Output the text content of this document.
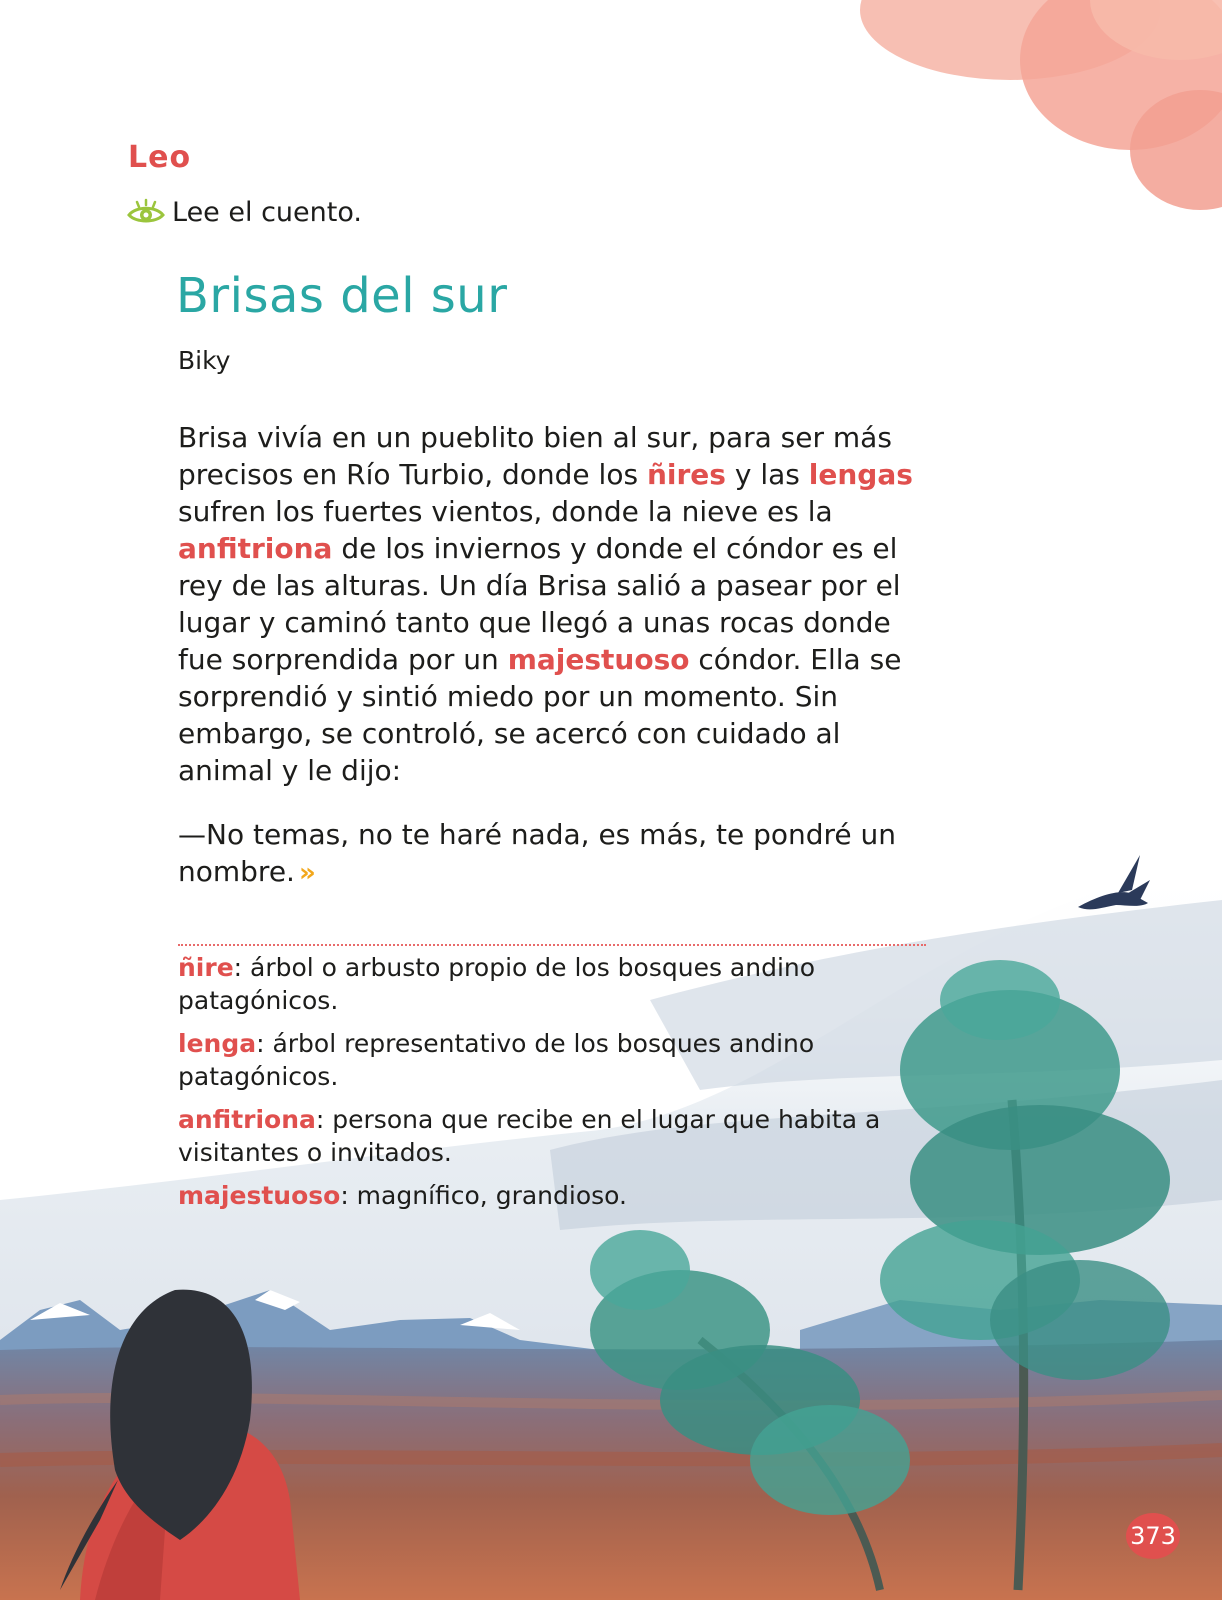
Leo
Lee el cuento.
Brisas del sur
Biky

Brisa vivía en un pueblito bien al sur, para ser más precisos en Río Turbio, donde los ñires y las lengas sufren los fuertes vientos, donde la nieve es la anfitriona de los inviernos y donde el cóndor es el rey de las alturas. Un día Brisa salió a pasear por el lugar y caminó tanto que llegó a unas rocas donde fue sorprendida por un majestuoso cóndor. Ella se sorprendió y sintió miedo por un momento. Sin embargo, se controló, se acercó con cuidado al animal y le dijo:

—No temas, no te haré nada, es más, te pondré un nombre. »

ñire: árbol o arbusto propio de los bosques andino patagónicos.
lenga: árbol representativo de los bosques andino patagónicos.
anfitriona: persona que recibe en el lugar que habita a visitantes o invitados.
majestuoso: magnífico, grandioso.
373
